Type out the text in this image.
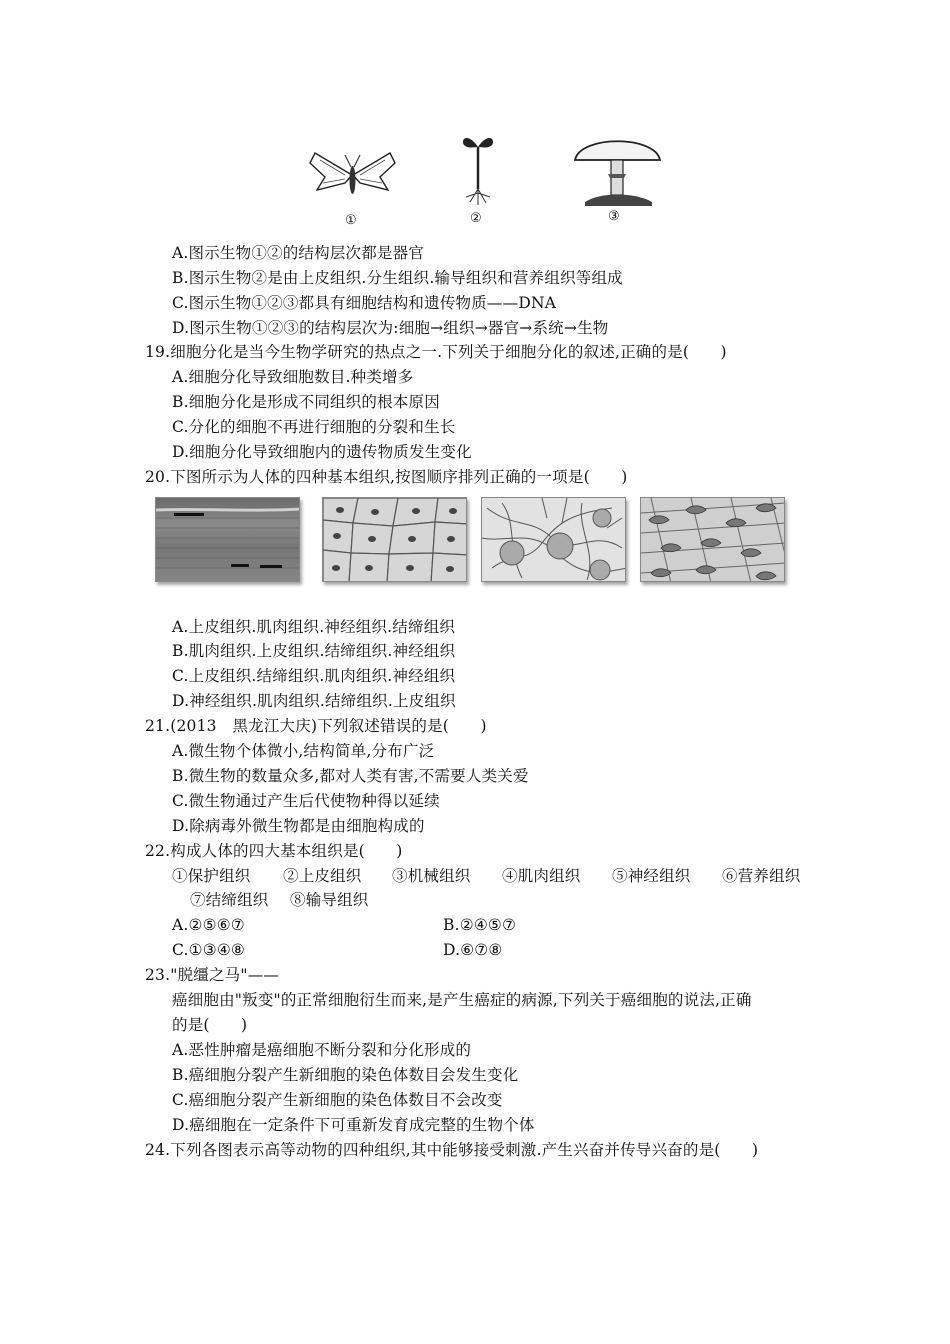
①	②	③
A.图示生物①②的结构层次都是器官
B.图示生物②是由上皮组织.分生组织.输导组织和营养组织等组成
C.图示生物①②③都具有细胞结构和遗传物质——DNA
D.图示生物①②③的结构层次为:细胞→组织→器官→系统→生物
19.细胞分化是当今生物学研究的热点之一.下列关于细胞分化的叙述,正确的是(　　)
A.细胞分化导致细胞数目.种类增多
B.细胞分化是形成不同组织的根本原因
C.分化的细胞不再进行细胞的分裂和生长
D.细胞分化导致细胞内的遗传物质发生变化
20.下图所示为人体的四种基本组织,按图顺序排列正确的一项是(　　)
A.上皮组织.肌肉组织.神经组织.结缔组织
B.肌肉组织.上皮组织.结缔组织.神经组织
C.上皮组织.结缔组织.肌肉组织.神经组织
D.神经组织.肌肉组织.结缔组织.上皮组织
21.(2013　黑龙江大庆)下列叙述错误的是(　　)
A.微生物个体微小,结构简单,分布广泛
B.微生物的数量众多,都对人类有害,不需要人类关爱
C.微生物通过产生后代使物种得以延续
D.除病毒外微生物都是由细胞构成的
22.构成人体的四大基本组织是(　　)
①保护组织 ②上皮组织 ③机械组织 ④肌肉组织 ⑤神经组织 ⑥营养组织
⑦结缔组织 ⑧输导组织
A.②⑤⑥⑦	B.②④⑤⑦
C.①③④⑧	D.⑥⑦⑧
23."脱缰之马"——
癌细胞由"叛变"的正常细胞衍生而来,是产生癌症的病源,下列关于癌细胞的说法,正确
的是(　　)
A.恶性肿瘤是癌细胞不断分裂和分化形成的
B.癌细胞分裂产生新细胞的染色体数目会发生变化
C.癌细胞分裂产生新细胞的染色体数目不会改变
D.癌细胞在一定条件下可重新发育成完整的生物个体
24.下列各图表示高等动物的四种组织,其中能够接受刺激.产生兴奋并传导兴奋的是(　　)
